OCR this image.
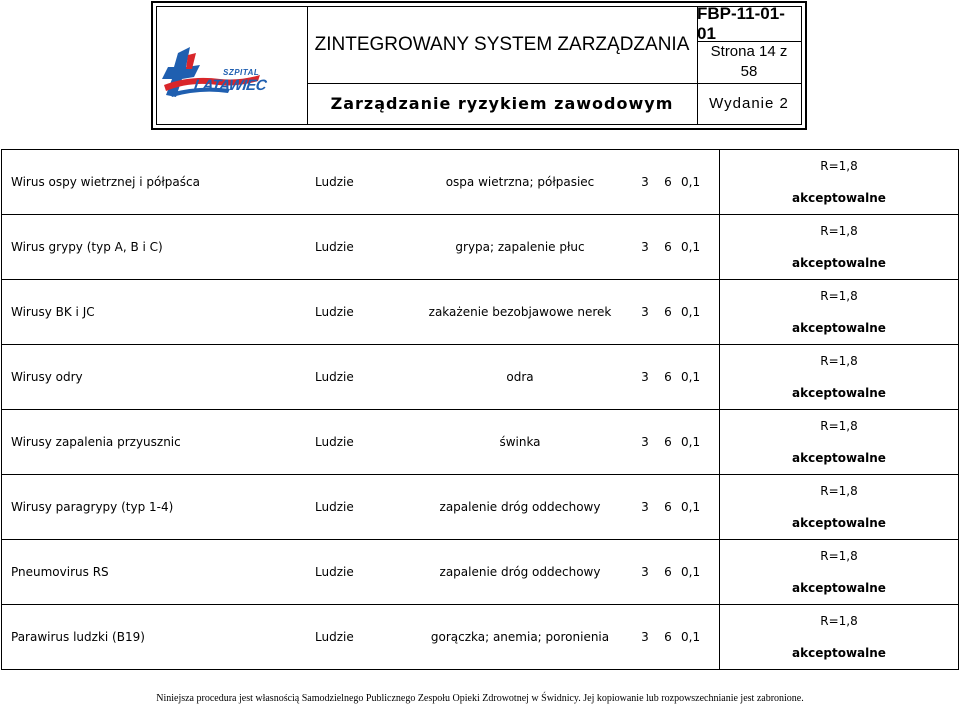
SZPITAL
LATAWIEC
ZINTEGROWANY SYSTEM ZARZĄDZANIA
FBP-11-01-01
Strona 14 z
58
Zarządzanie ryzykiem zawodowym	Wydanie 2
Wirus ospy wietrznej i półpaśca	Ludzie	ospa wietrzna; półpasiec	3	6	0,1	R=1,8
akceptowalne

Wirus grypy (typ A, B i C)	Ludzie	grypa; zapalenie płuc	3	6	0,1	R=1,8
akceptowalne

Wirusy BK i JC	Ludzie	zakażenie bezobjawowe nerek	3	6	0,1	R=1,8
akceptowalne

Wirusy odry	Ludzie	odra	3	6	0,1	R=1,8
akceptowalne

Wirusy zapalenia przyusznic	Ludzie	świnka	3	6	0,1	R=1,8
akceptowalne

Wirusy paragrypy (typ 1-4)	Ludzie	zapalenie dróg oddechowy	3	6	0,1	R=1,8
akceptowalne

Pneumovirus RS	Ludzie	zapalenie dróg oddechowy	3	6	0,1	R=1,8
akceptowalne

Parawirus ludzki (B19)	Ludzie	gorączka; anemia; poronienia	3	6	0,1	R=1,8
akceptowalne
Niniejsza procedura jest własnością Samodzielnego Publicznego Zespołu Opieki Zdrowotnej w Świdnicy. Jej kopiowanie lub rozpowszechnianie jest zabronione.
